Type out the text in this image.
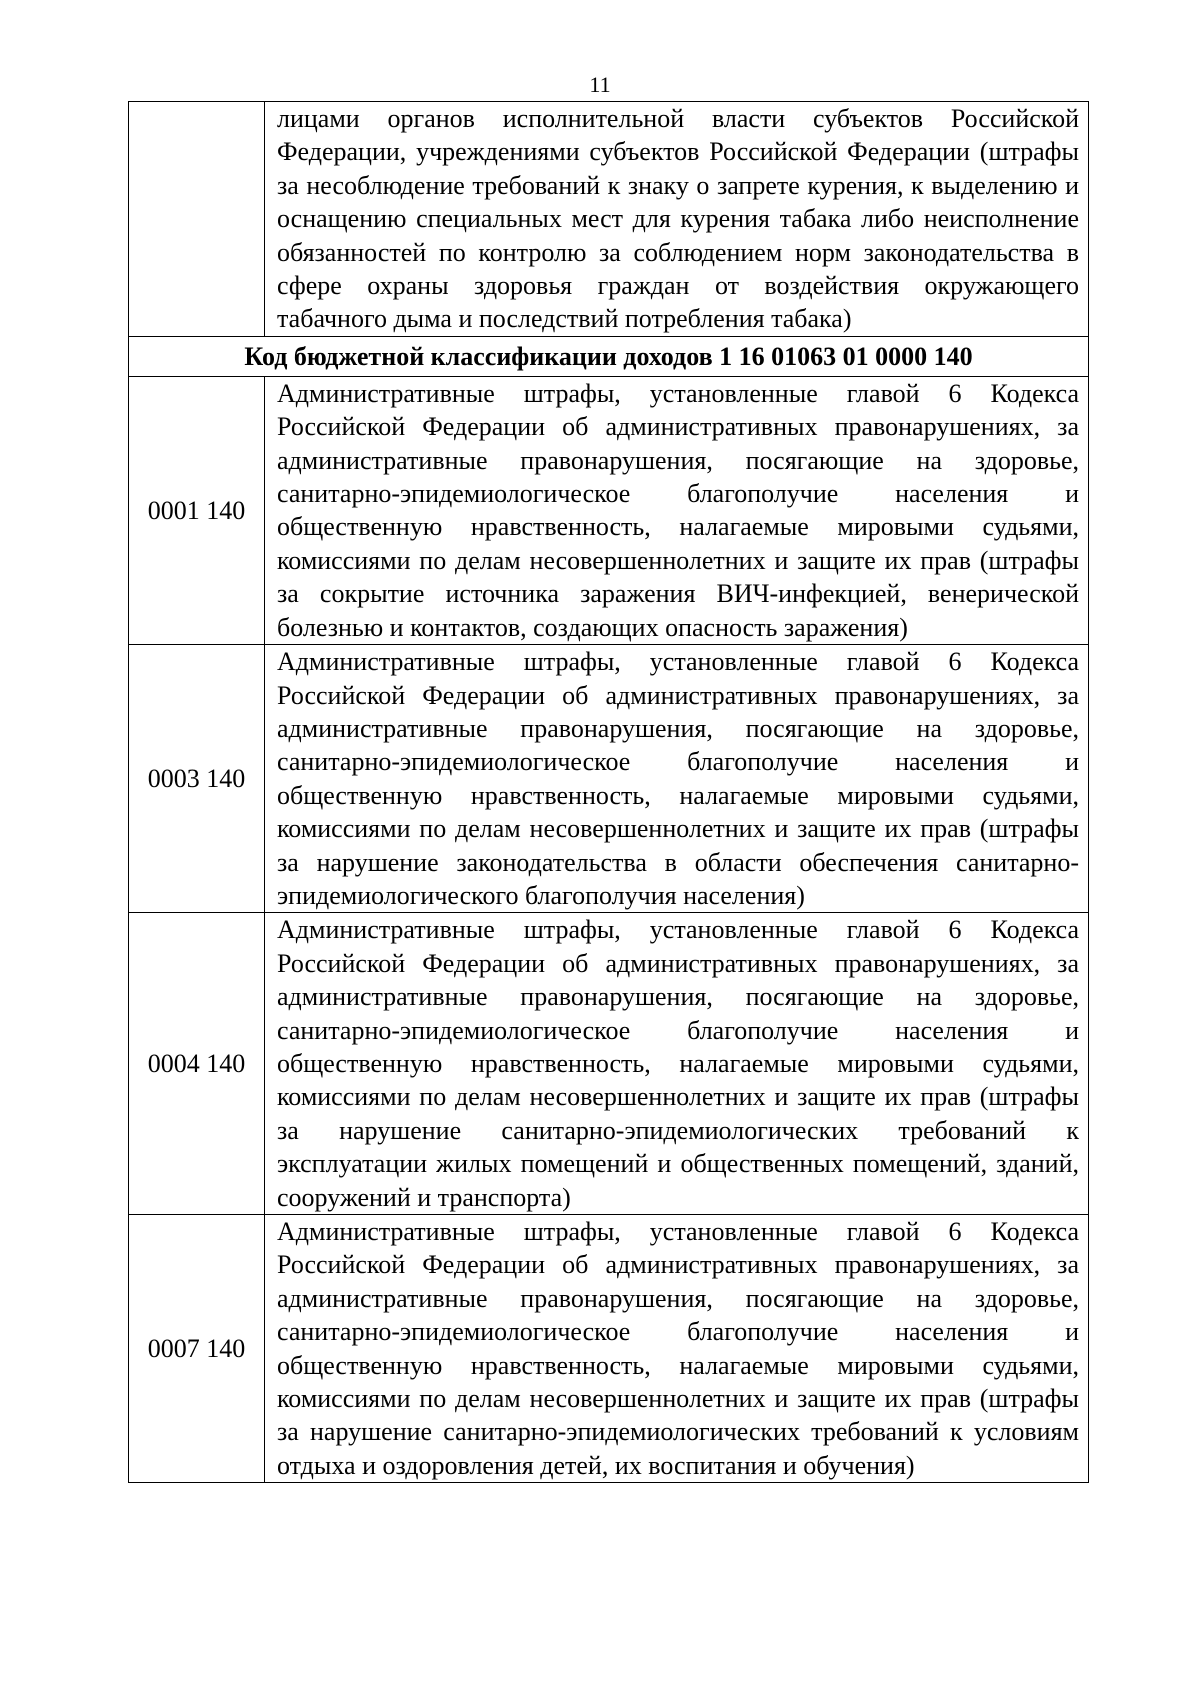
11
	лицами органов исполнительной власти субъектов Российской Федерации, учреждениями субъектов Российской Федерации (штрафы за несоблюдение требований к знаку о запрете курения, к выделению и оснащению специальных мест для курения табака либо неисполнение обязанностей по контролю за соблюдением норм законодательства в сфере охраны здоровья граждан от воздействия окружающего табачного дыма и последствий потребления табака)
Код бюджетной классификации доходов 1 16 01063 01 0000 140	
0001 140	Административные штрафы, установленные главой 6 Кодекса Российской Федерации об административных правонарушениях, за административные правонарушения, посягающие на здоровье, санитарно-эпидемиологическое благополучие населения и общественную нравственность, налагаемые мировыми судьями, комиссиями по делам несовершеннолетних и защите их прав (штрафы за сокрытие источника заражения ВИЧ-инфекцией, венерической болезнью и контактов, создающих опасность заражения)
0003 140	Административные штрафы, установленные главой 6 Кодекса Российской Федерации об административных правонарушениях, за административные правонарушения, посягающие на здоровье, санитарно-эпидемиологическое благополучие населения и общественную нравственность, налагаемые мировыми судьями, комиссиями по делам несовершеннолетних и защите их прав (штрафы за нарушение законодательства в области обеспечения санитарно-эпидемиологического благополучия населения)
0004 140	Административные штрафы, установленные главой 6 Кодекса Российской Федерации об административных правонарушениях, за административные правонарушения, посягающие на здоровье, санитарно-эпидемиологическое благополучие населения и общественную нравственность, налагаемые мировыми судьями, комиссиями по делам несовершеннолетних и защите их прав (штрафы за нарушение санитарно-эпидемиологических требований к эксплуатации жилых помещений и общественных помещений, зданий, сооружений и транспорта)
0007 140	Административные штрафы, установленные главой 6 Кодекса Российской Федерации об административных правонарушениях, за административные правонарушения, посягающие на здоровье, санитарно-эпидемиологическое благополучие населения и общественную нравственность, налагаемые мировыми судьями, комиссиями по делам несовершеннолетних и защите их прав (штрафы за нарушение санитарно-эпидемиологических требований к условиям отдыха и оздоровления детей, их воспитания и обучения)
